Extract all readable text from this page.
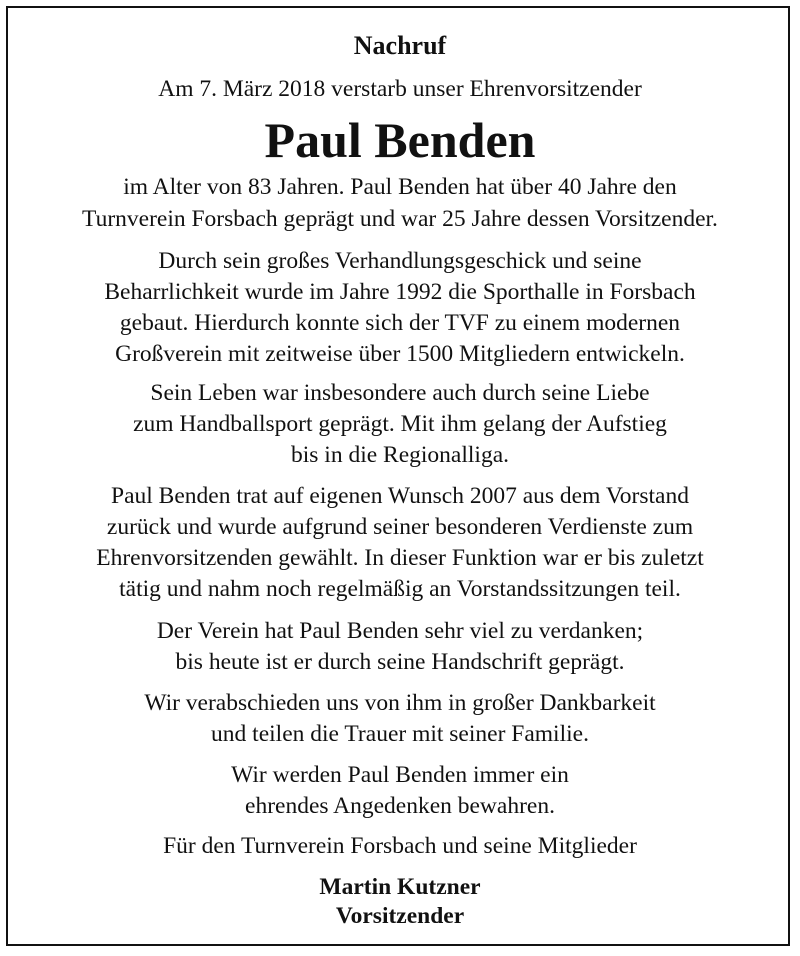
Nachruf
Am 7. März 2018 verstarb unser Ehrenvorsitzender
Paul Benden
im Alter von 83 Jahren. Paul Benden hat über 40 Jahre den
Turnverein Forsbach geprägt und war 25 Jahre dessen Vorsitzender.
Durch sein großes Verhandlungsgeschick und seine
Beharrlichkeit wurde im Jahre 1992 die Sporthalle in Forsbach
gebaut. Hierdurch konnte sich der TVF zu einem modernen
Großverein mit zeitweise über 1500 Mitgliedern entwickeln.
Sein Leben war insbesondere auch durch seine Liebe
zum Handballsport geprägt. Mit ihm gelang der Aufstieg
bis in die Regionalliga.
Paul Benden trat auf eigenen Wunsch 2007 aus dem Vorstand
zurück und wurde aufgrund seiner besonderen Verdienste zum
Ehrenvorsitzenden gewählt. In dieser Funktion war er bis zuletzt
tätig und nahm noch regelmäßig an Vorstandssitzungen teil.
Der Verein hat Paul Benden sehr viel zu verdanken;
bis heute ist er durch seine Handschrift geprägt.
Wir verabschieden uns von ihm in großer Dankbarkeit
und teilen die Trauer mit seiner Familie.
Wir werden Paul Benden immer ein
ehrendes Angedenken bewahren.
Für den Turnverein Forsbach und seine Mitglieder
Martin Kutzner
Vorsitzender
